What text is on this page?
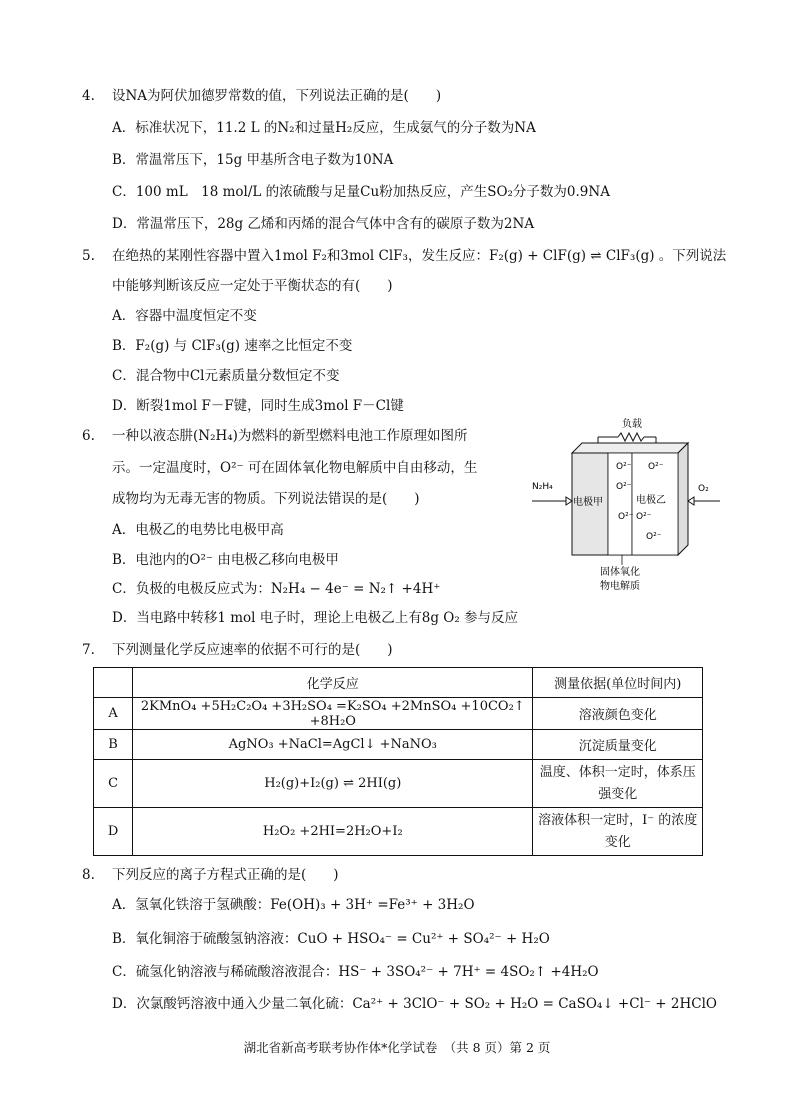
4. 设NA为阿伏加德罗常数的值，下列说法正确的是(　　)
A．标准状况下，11.2 L 的N₂和过量H₂反应，生成氨气的分子数为NA
B．常温常压下，15g 甲基所含电子数为10NA
C．100 mL　18 mol/L 的浓硫酸与足量Cu粉加热反应，产生SO₂分子数为0.9NA
D．常温常压下，28g 乙烯和丙烯的混合气体中含有的碳原子数为2NA
5. 在绝热的某刚性容器中置入1mol F₂和3mol ClF₃，发生反应：F₂(g) + ClF(g) ⇌ ClF₃(g) 。下列说法
中能够判断该反应一定处于平衡状态的有(　　)
A．容器中温度恒定不变
B．F₂(g) 与 ClF₃(g) 速率之比恒定不变
C．混合物中Cl元素质量分数恒定不变
D．断裂1mol F－F键，同时生成3mol F－Cl键
6. 一种以液态肼(N₂H₄)为燃料的新型燃料电池工作原理如图所
示。一定温度时，O²⁻ 可在固体氧化物电解质中自由移动，生
成物均为无毒无害的物质。下列说法错误的是(　　)
A．电极乙的电势比电极甲高
B．电池内的O²⁻ 由电极乙移向电极甲
C．负极的电极反应式为：N₂H₄ − 4e⁻ = N₂↑ +4H⁺
D．当电路中转移1 mol 电子时，理论上电极乙上有8g O₂ 参与反应
负载
电极甲
O²⁻
O²⁻
O²⁻
O²⁻
O²⁻
电极乙
O²⁻
N₂H₄	O₂
固体氧化
物电解质
7. 下列测量化学反应速率的依据不可行的是(　　)
	化学反应	测量依据(单位时间内)
A	2KMnO₄ +5H₂C₂O₄ +3H₂SO₄ =K₂SO₄ +2MnSO₄ +10CO₂↑ +8H₂O	溶液颜色变化
B	AgNO₃ +NaCl=AgCl↓ +NaNO₃	沉淀质量变化
C	H₂(g)+I₂(g) ⇌ 2HI(g)	温度、体积一定时，体系压强变化
D	H₂O₂ +2HI=2H₂O+I₂	溶液体积一定时，I⁻ 的浓度变化
8. 下列反应的离子方程式正确的是(　　)
A．氢氧化铁溶于氢碘酸：Fe(OH)₃ + 3H⁺ =Fe³⁺ + 3H₂O
B．氧化铜溶于硫酸氢钠溶液：CuO + HSO₄⁻ = Cu²⁺ + SO₄²⁻ + H₂O
C．硫氢化钠溶液与稀硫酸溶液混合：HS⁻ + 3SO₄²⁻ + 7H⁺ = 4SO₂↑ +4H₂O
D．次氯酸钙溶液中通入少量二氧化硫：Ca²⁺ + 3ClO⁻ + SO₂ + H₂O = CaSO₄↓ +Cl⁻ + 2HClO
湖北省新高考联考协作体*化学试卷　（共 8 页）第 2 页
